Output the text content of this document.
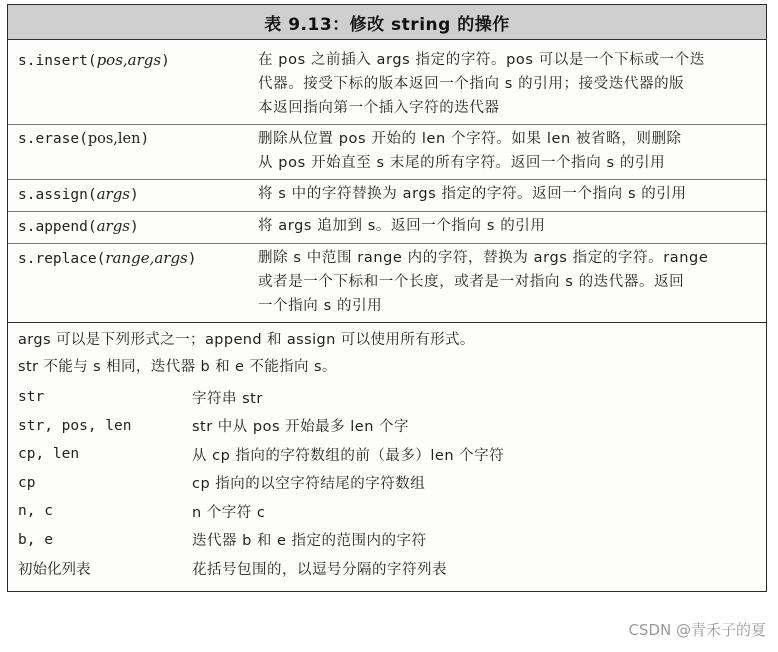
表 9.13：修改 string 的操作
s.insert(pos,args)	在 pos 之前插入 args 指定的字符。pos 可以是一个下标或一个迭
代器。接受下标的版本返回一个指向 s 的引用；接受迭代器的版
本返回指向第一个插入字符的迭代器
s.erase(pos,len)	删除从位置 pos 开始的 len 个字符。如果 len 被省略，则删除
从 pos 开始直至 s 末尾的所有字符。返回一个指向 s 的引用
s.assign(args)	将 s 中的字符替换为 args 指定的字符。返回一个指向 s 的引用
s.append(args)	将 args 追加到 s。返回一个指向 s 的引用
s.replace(range,args)	删除 s 中范围 range 内的字符，替换为 args 指定的字符。range
或者是一个下标和一个长度，或者是一对指向 s 的迭代器。返回
一个指向 s 的引用
args 可以是下列形式之一；append 和 assign 可以使用所有形式。
str 不能与 s 相同，迭代器 b 和 e 不能指向 s。
str	字符串 str
str, pos, len	str 中从 pos 开始最多 len 个字
cp, len	从 cp 指向的字符数组的前（最多）len 个字符
cp	cp 指向的以空字符结尾的字符数组
n, c	n 个字符 c
b, e	迭代器 b 和 e 指定的范围内的字符
初始化列表	花括号包围的，以逗号分隔的字符列表
CSDN @青禾子的夏
